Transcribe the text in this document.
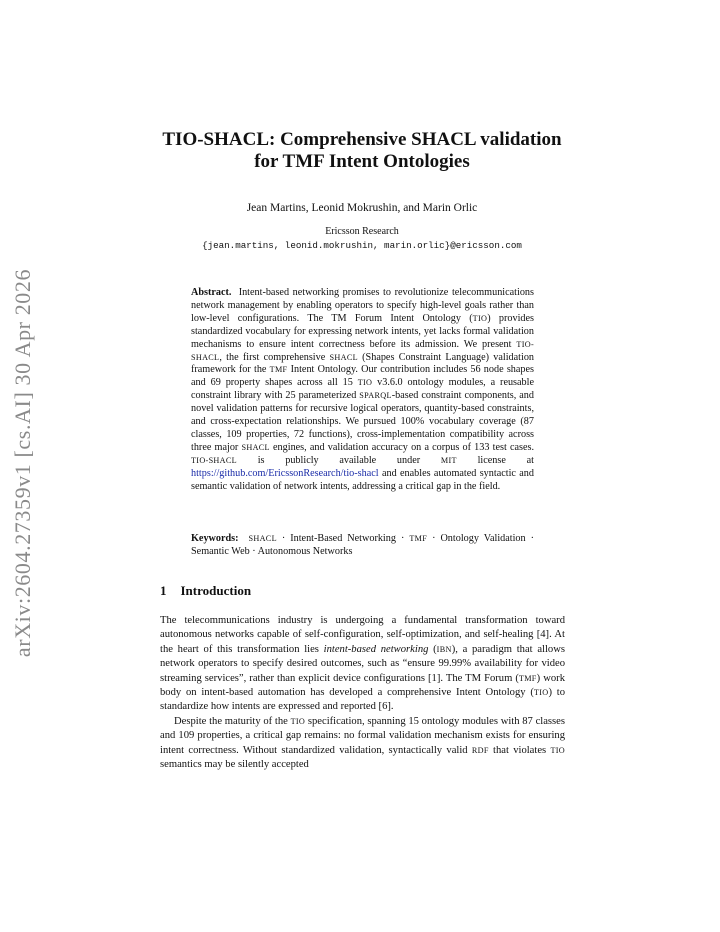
arXiv:2604.27359v1 [cs.AI] 30 Apr 2026
TIO-SHACL: Comprehensive SHACL validation
for TMF Intent Ontologies
Jean Martins, Leonid Mokrushin, and Marin Orlic
Ericsson Research
{jean.martins, leonid.mokrushin, marin.orlic}@ericsson.com
Abstract. Intent-based networking promises to revolutionize telecommunications network management by enabling operators to specify high-level goals rather than low-level configurations. The TM Forum Intent Ontology (TIO) provides standardized vocabulary for expressing network intents, yet lacks formal validation mechanisms to ensure intent correctness before its admission. We present TIO-SHACL, the first comprehensive SHACL (Shapes Constraint Language) validation framework for the TMF Intent Ontology. Our contribution includes 56 node shapes and 69 property shapes across all 15 TIO v3.6.0 ontology modules, a reusable constraint library with 25 parameterized SPARQL-based constraint components, and novel validation patterns for recursive logical operators, quantity-based constraints, and cross-expectation relationships. We pursued 100% vocabulary coverage (87 classes, 109 properties, 72 functions), cross-implementation compatibility across three major SHACL engines, and validation accuracy on a corpus of 133 test cases. TIO-SHACL is publicly available under MIT license at https://github.com/EricssonResearch/tio-shacl and enables automated syntactic and semantic validation of network intents, addressing a critical gap in the field.
Keywords: SHACL · Intent-Based Networking · TMF · Ontology Validation · Semantic Web · Autonomous Networks
1 Introduction

The telecommunications industry is undergoing a fundamental transformation toward autonomous networks capable of self-configuration, self-optimization, and self-healing [4]. At the heart of this transformation lies intent-based networking (IBN), a paradigm that allows network operators to specify desired outcomes, such as “ensure 99.99% availability for video streaming services”, rather than explicit device configurations [1]. The TM Forum (TMF) work body on intent-based automation has developed a comprehensive Intent Ontology (TIO) to standardize how intents are expressed and reported [6].

Despite the maturity of the TIO specification, spanning 15 ontology modules with 87 classes and 109 properties, a critical gap remains: no formal validation mechanism exists for ensuring intent correctness. Without standardized validation, syntactically valid RDF that violates TIO semantics may be silently accepted
